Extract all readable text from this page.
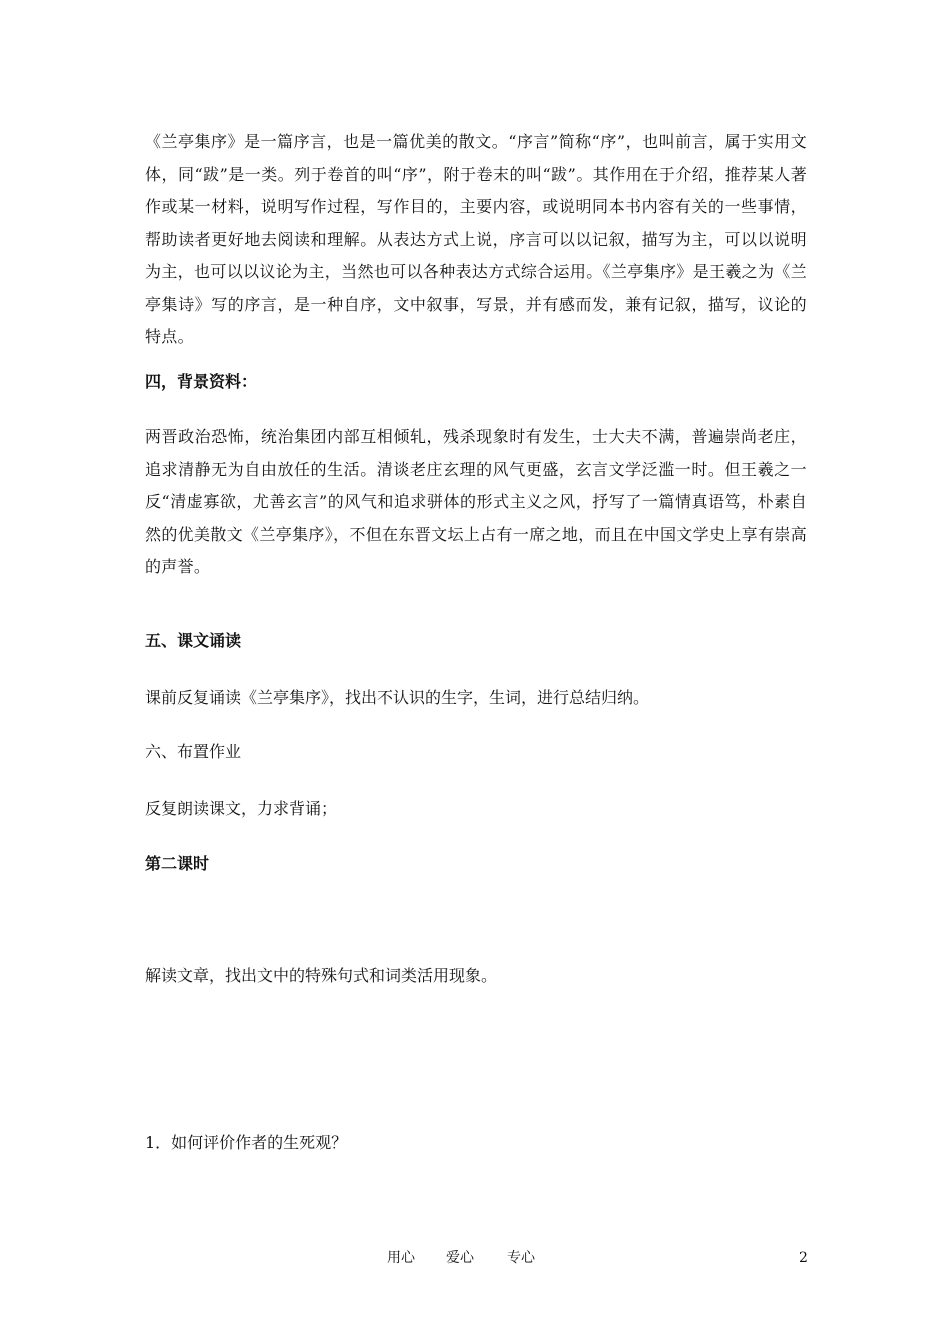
《兰亭集序》是一篇序言，也是一篇优美的散文。“序言”简称“序”，也叫前言，属于实用文体，同“跋”是一类。列于卷首的叫“序”，附于卷末的叫“跋”。其作用在于介绍，推荐某人著作或某一材料，说明写作过程，写作目的，主要内容，或说明同本书内容有关的一些事情，帮助读者更好地去阅读和理解。从表达方式上说，序言可以以记叙，描写为主，可以以说明为主，也可以以议论为主，当然也可以各种表达方式综合运用。《兰亭集序》是王羲之为《兰亭集诗》写的序言，是一种自序，文中叙事，写景，并有感而发，兼有记叙，描写，议论的特点。

四，背景资料：

两晋政治恐怖，统治集团内部互相倾轧，残杀现象时有发生，士大夫不满，普遍崇尚老庄，追求清静无为自由放任的生活。清谈老庄玄理的风气更盛，玄言文学泛滥一时。但王羲之一反“清虚寡欲，尤善玄言”的风气和追求骈体的形式主义之风，抒写了一篇情真语笃，朴素自然的优美散文《兰亭集序》，不但在东晋文坛上占有一席之地，而且在中国文学史上享有崇高的声誉。

五、课文诵读

课前反复诵读《兰亭集序》，找出不认识的生字，生词，进行总结归纳。

六、布置作业

反复朗读课文，力求背诵；

第二课时

解读文章，找出文中的特殊句式和词类活用现象。

1．如何评价作者的生死观？

用心 爱心 专心	2
